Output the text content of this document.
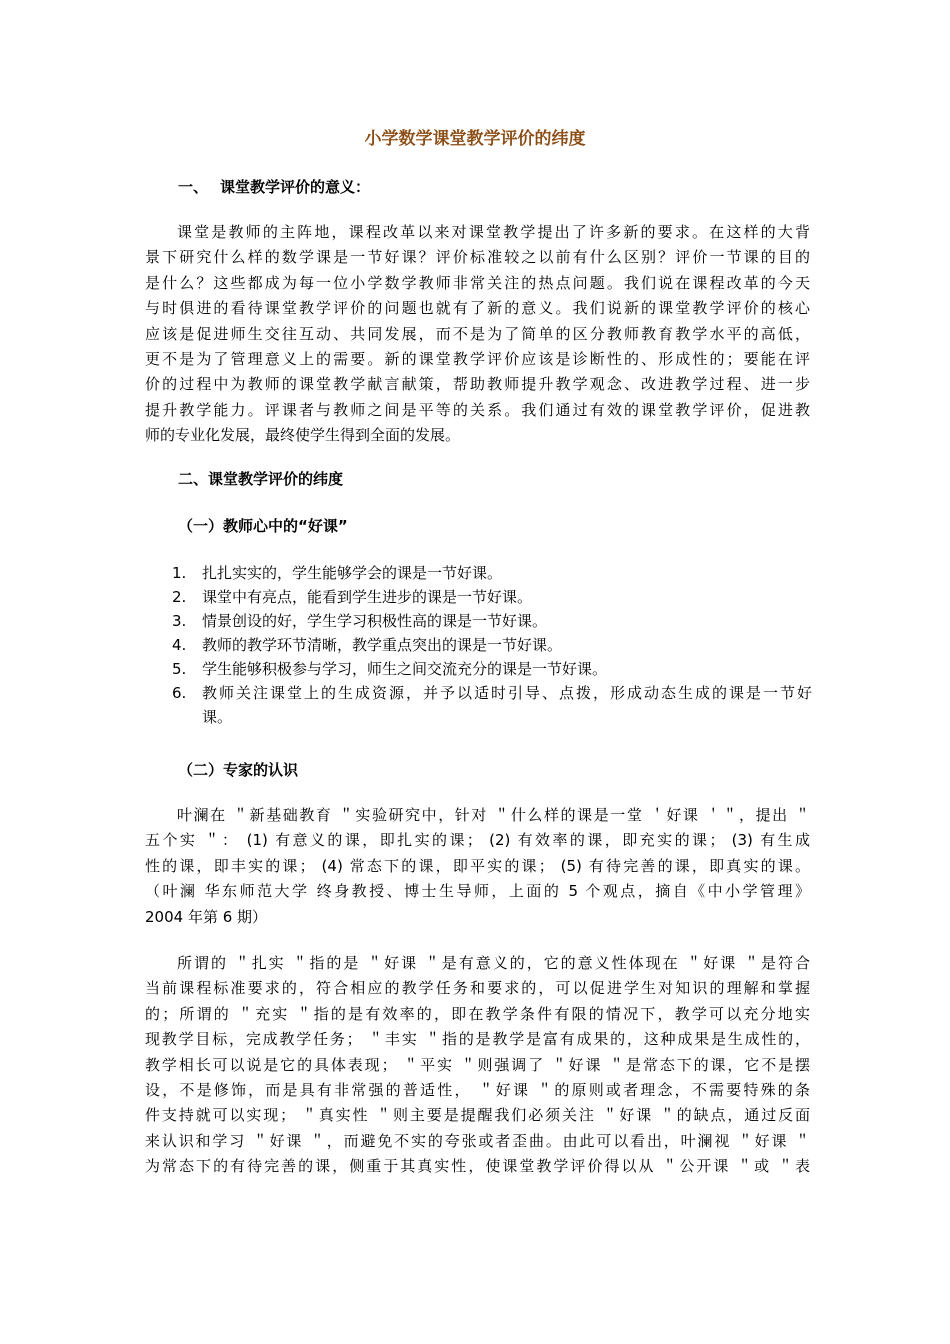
小学数学课堂教学评价的纬度
一、 课堂教学评价的意义：
课堂是教师的主阵地，课程改革以来对课堂教学提出了许多新的要求。在这样的大背
景下研究什么样的数学课是一节好课？评价标准较之以前有什么区别？评价一节课的目的
是什么？这些都成为每一位小学数学教师非常关注的热点问题。我们说在课程改革的今天
与时俱进的看待课堂教学评价的问题也就有了新的意义。我们说新的课堂教学评价的核心
应该是促进师生交往互动、共同发展，而不是为了简单的区分教师教育教学水平的高低，
更不是为了管理意义上的需要。新的课堂教学评价应该是诊断性的、形成性的；要能在评
价的过程中为教师的课堂教学献言献策，帮助教师提升教学观念、改进教学过程、进一步
提升教学能力。评课者与教师之间是平等的关系。我们通过有效的课堂教学评价，促进教
师的专业化发展，最终使学生得到全面的发展。
二、课堂教学评价的纬度
（一）教师心中的“好课”
1. 扎扎实实的，学生能够学会的课是一节好课。
2. 课堂中有亮点，能看到学生进步的课是一节好课。
3. 情景创设的好，学生学习积极性高的课是一节好课。
4. 教师的教学环节清晰，教学重点突出的课是一节好课。
5. 学生能够积极参与学习，师生之间交流充分的课是一节好课。
6. 教师关注课堂上的生成资源，并予以适时引导、点拨，形成动态生成的课是一节好
课。
（二）专家的认识
叶澜在 ＂新基础教育 ＂实验研究中，针对 ＂什么样的课是一堂 ＇好课 ＇＂，提出 ＂
五个实 ＂： (1) 有意义的课，即扎实的课； (2) 有效率的课，即充实的课； (3) 有生成
性的课，即丰实的课； (4) 常态下的课，即平实的课； (5) 有待完善的课，即真实的课。
（叶澜 华东师范大学 终身教授、博士生导师，上面的 5 个观点，摘自《中小学管理》
2004 年第 6 期）
所谓的 ＂扎实 ＂指的是 ＂好课 ＂是有意义的，它的意义性体现在 ＂好课 ＂是符合
当前课程标准要求的，符合相应的教学任务和要求的，可以促进学生对知识的理解和掌握
的；所谓的 ＂充实 ＂指的是有效率的，即在教学条件有限的情况下，教学可以充分地实
现教学目标，完成教学任务； ＂丰实 ＂指的是教学是富有成果的，这种成果是生成性的，
教学相长可以说是它的具体表现； ＂平实 ＂则强调了 ＂好课 ＂是常态下的课，它不是摆
设，不是修饰，而是具有非常强的普适性， ＂好课 ＂的原则或者理念，不需要特殊的条
件支持就可以实现； ＂真实性 ＂则主要是提醒我们必须关注 ＂好课 ＂的缺点，通过反面
来认识和学习 ＂好课 ＂，而避免不实的夸张或者歪曲。由此可以看出，叶澜视 ＂好课 ＂
为常态下的有待完善的课，侧重于其真实性，使课堂教学评价得以从 ＂公开课 ＂或 ＂表
